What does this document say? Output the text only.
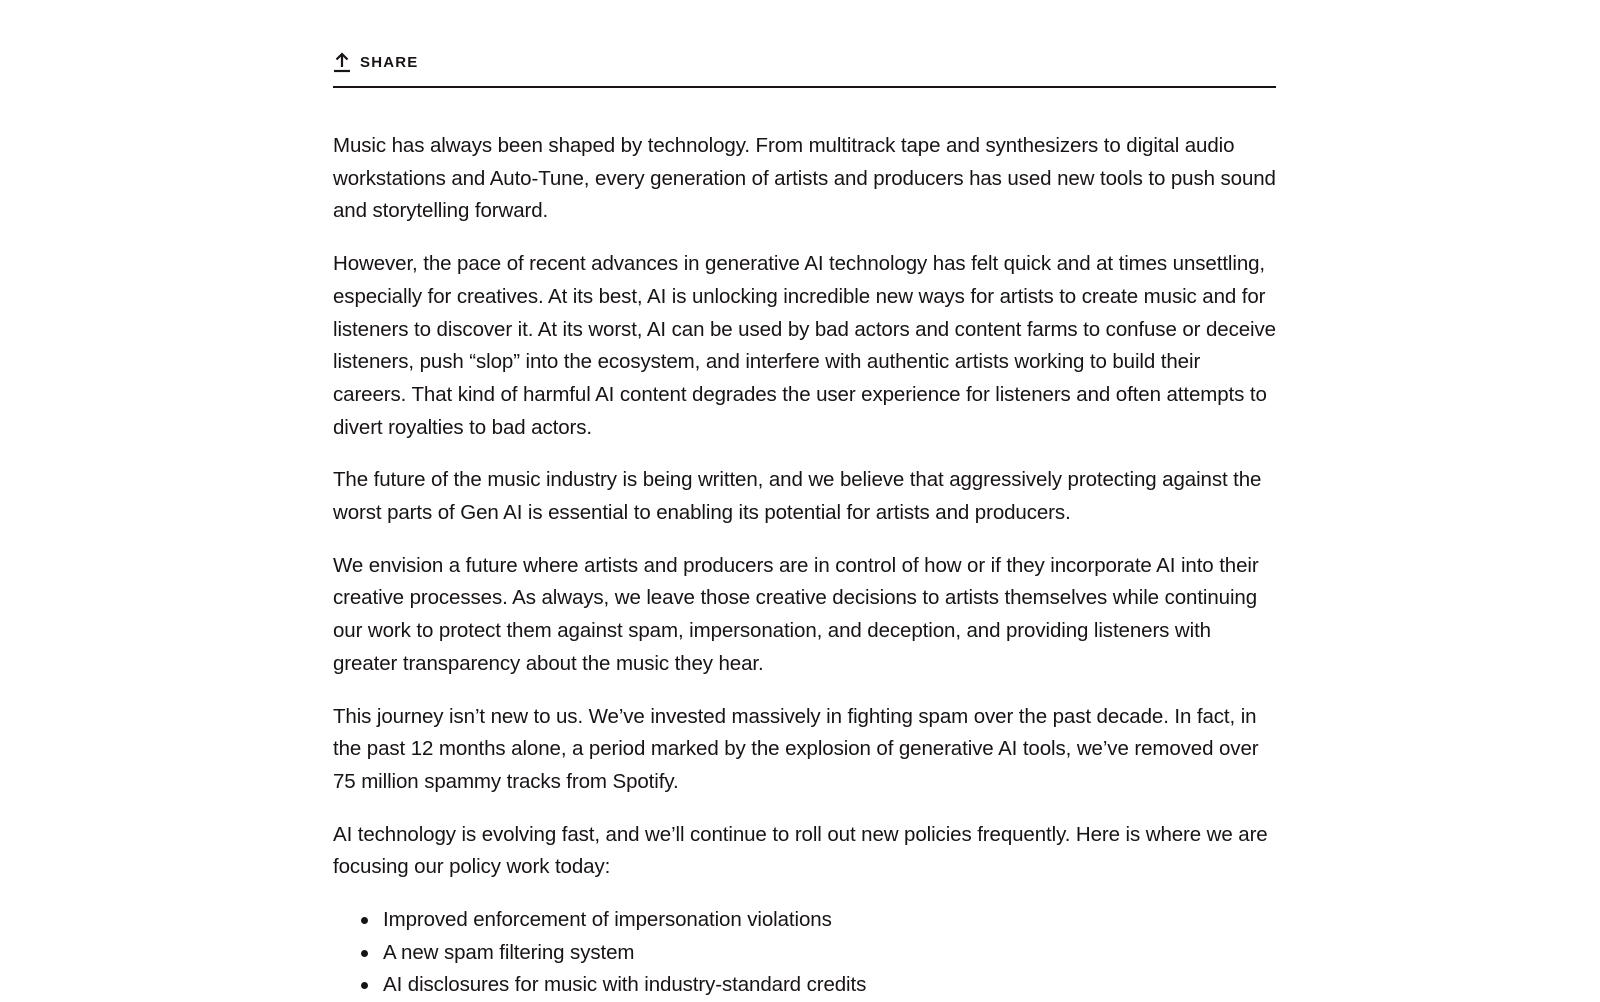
SHARE

Music has always been shaped by technology. From multitrack tape and synthesizers to digital audio workstations and Auto-Tune, every generation of artists and producers has used new tools to push sound and storytelling forward.

However, the pace of recent advances in generative AI technology has felt quick and at times unsettling, especially for creatives. At its best, AI is unlocking incredible new ways for artists to create music and for listeners to discover it. At its worst, AI can be used by bad actors and content farms to confuse or deceive listeners, push “slop” into the ecosystem, and interfere with authentic artists working to build their careers. That kind of harmful AI content degrades the user experience for listeners and often attempts to divert royalties to bad actors.

The future of the music industry is being written, and we believe that aggressively protecting against the worst parts of Gen AI is essential to enabling its potential for artists and producers.

We envision a future where artists and producers are in control of how or if they incorporate AI into their creative processes. As always, we leave those creative decisions to artists themselves while continuing our work to protect them against spam, impersonation, and deception, and providing listeners with greater transparency about the music they hear.

This journey isn’t new to us. We’ve invested massively in fighting spam over the past decade. In fact, in the past 12 months alone, a period marked by the explosion of generative AI tools, we’ve removed over 75 million spammy tracks from Spotify.

AI technology is evolving fast, and we’ll continue to roll out new policies frequently. Here is where we are focusing our policy work today:

Improved enforcement of impersonation violations
A new spam filtering system
AI disclosures for music with industry-standard credits
